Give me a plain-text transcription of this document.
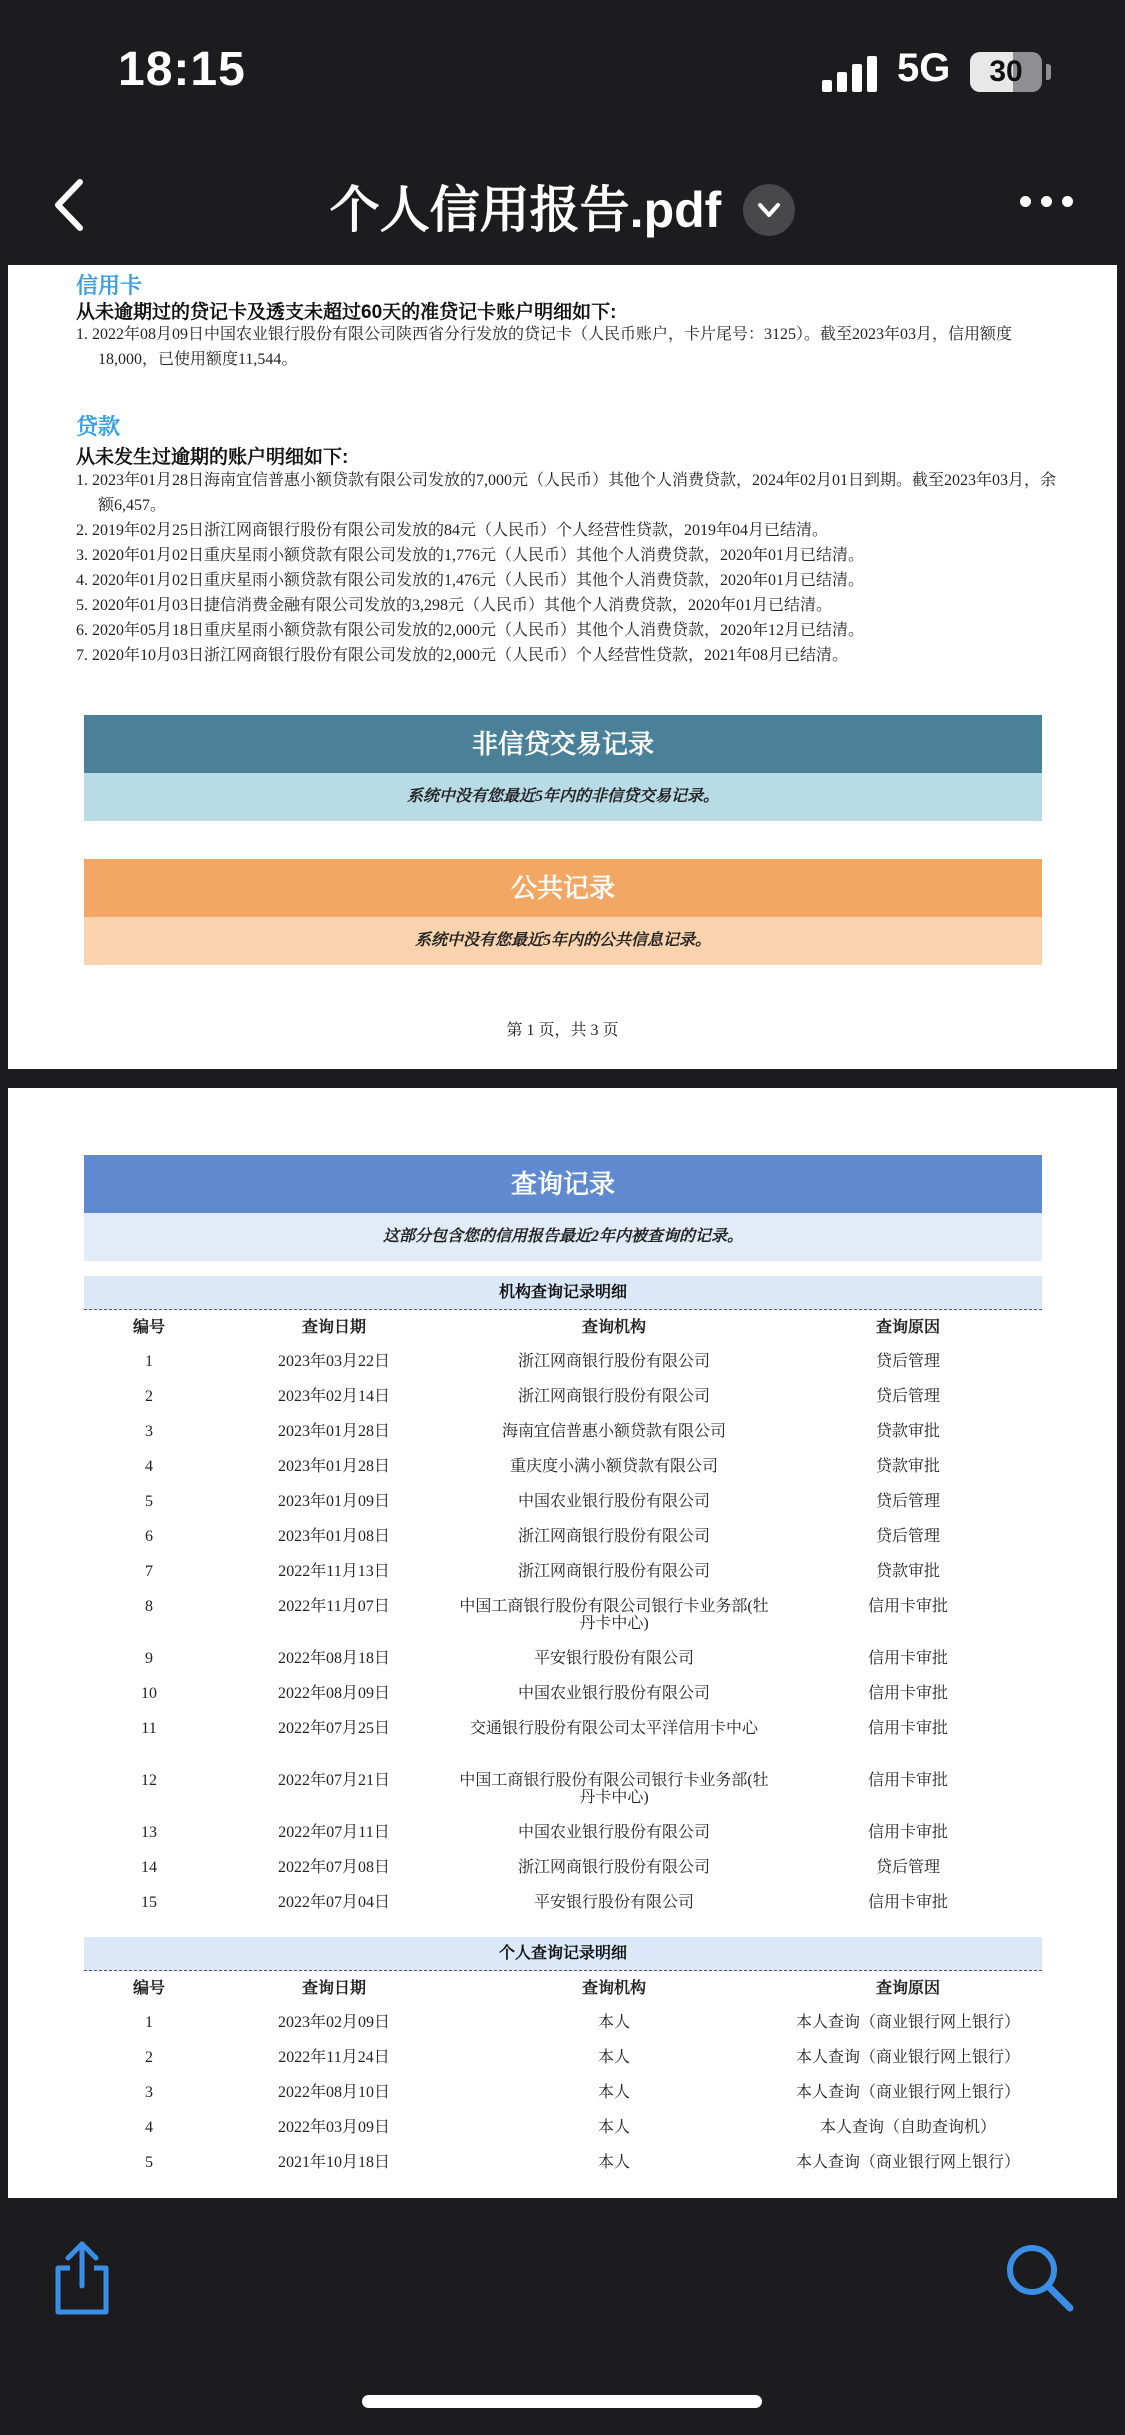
18:15	5G	30
个人信用报告.pdf
信用卡
从未逾期过的贷记卡及透支未超过60天的准贷记卡账户明细如下:
1. 2022年08月09日中国农业银行股份有限公司陕西省分行发放的贷记卡（人民币账户，卡片尾号：3125）。截至2023年03月，信用额度18,000，已使用额度11,544。
贷款
从未发生过逾期的账户明细如下:
1. 2023年01月28日海南宜信普惠小额贷款有限公司发放的7,000元（人民币）其他个人消费贷款，2024年02月01日到期。截至2023年03月，余额6,457。
2. 2019年02月25日浙江网商银行股份有限公司发放的84元（人民币）个人经营性贷款，2019年04月已结清。
3. 2020年01月02日重庆星雨小额贷款有限公司发放的1,776元（人民币）其他个人消费贷款，2020年01月已结清。
4. 2020年01月02日重庆星雨小额贷款有限公司发放的1,476元（人民币）其他个人消费贷款，2020年01月已结清。
5. 2020年01月03日捷信消费金融有限公司发放的3,298元（人民币）其他个人消费贷款，2020年01月已结清。
6. 2020年05月18日重庆星雨小额贷款有限公司发放的2,000元（人民币）其他个人消费贷款，2020年12月已结清。
7. 2020年10月03日浙江网商银行股份有限公司发放的2,000元（人民币）个人经营性贷款，2021年08月已结清。
非信贷交易记录
系统中没有您最近5年内的非信贷交易记录。
公共记录
系统中没有您最近5年内的公共信息记录。
第 1 页，共 3 页
查询记录
这部分包含您的信用报告最近2年内被查询的记录。
机构查询记录明细
编号	查询日期	查询机构	查询原因
1	2023年03月22日	浙江网商银行股份有限公司	贷后管理
2	2023年02月14日	浙江网商银行股份有限公司	贷后管理
3	2023年01月28日	海南宜信普惠小额贷款有限公司	贷款审批
4	2023年01月28日	重庆度小满小额贷款有限公司	贷款审批
5	2023年01月09日	中国农业银行股份有限公司	贷后管理
6	2023年01月08日	浙江网商银行股份有限公司	贷后管理
7	2022年11月13日	浙江网商银行股份有限公司	贷款审批
8	2022年11月07日	中国工商银行股份有限公司银行卡业务部(牡丹卡中心)	信用卡审批
9	2022年08月18日	平安银行股份有限公司	信用卡审批
10	2022年08月09日	中国农业银行股份有限公司	信用卡审批
11	2022年07月25日	交通银行股份有限公司太平洋信用卡中心	信用卡审批
12	2022年07月21日	中国工商银行股份有限公司银行卡业务部(牡丹卡中心)	信用卡审批
13	2022年07月11日	中国农业银行股份有限公司	信用卡审批
14	2022年07月08日	浙江网商银行股份有限公司	贷后管理
15	2022年07月04日	平安银行股份有限公司	信用卡审批
个人查询记录明细
编号	查询日期	查询机构	查询原因
1	2023年02月09日	本人	本人查询（商业银行网上银行）
2	2022年11月24日	本人	本人查询（商业银行网上银行）
3	2022年08月10日	本人	本人查询（商业银行网上银行）
4	2022年03月09日	本人	本人查询（自助查询机）
5	2021年10月18日	本人	本人查询（商业银行网上银行）
